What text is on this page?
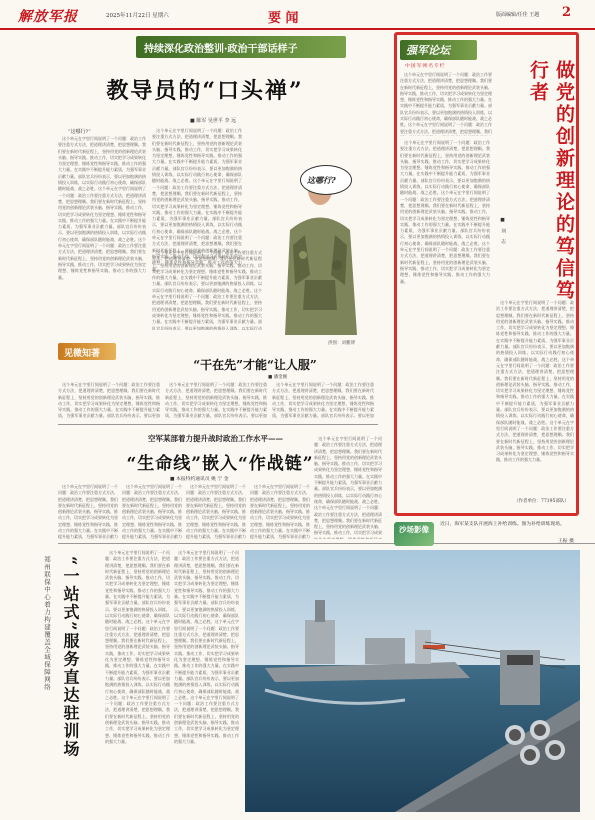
解放军报	2025年11月22日 星期六	要 闻	版面编辑/任佳 王越 2
持续深化政治整训·政治干部话样子
教导员的“口头禅”
■ 陈军 吴世平 李 远
“这哪行?”
　这个单元在字里行间说明了一个问题：政治工作要注重方式方法，把道理讲清楚，把思想理顺。我们要在新时代新征程上，坚持用党的创新理论武装头脑、指导实践、推动工作，切实把学习成果转化为坚定理想、锤炼党性和指导实践、推动工作的强大力量。在实践中不断提升能力素质，为强军事业贡献力量。部队官兵纷纷表示，要以更加饱满的热情投入训练，以实际行动践行初心使命，确保部队随时能战、战之必胜。这个单元在字里行间说明了一个问题：政治工作要注重方式方法，把道理讲清楚，把思想理顺。我们要在新时代新征程上，坚持用党的创新理论武装头脑、指导实践、推动工作，切实把学习成果转化为坚定理想、锤炼党性和指导实践、推动工作的强大力量。在实践中不断提升能力素质，为强军事业贡献力量。部队官兵纷纷表示，要以更加饱满的热情投入训练，以实际行动践行初心使命，确保部队随时能战、战之必胜。这个单元在字里行间说明了一个问题：政治工作要注重方式方法，把道理讲清楚，把思想理顺。我们要在新时代新征程上，坚持用党的创新理论武装头脑、指导实践、推动工作，切实把学习成果转化为坚定理想、锤炼党性和指导实践、推动工作的强大力量。
　这个单元在字里行间说明了一个问题：政治工作要注重方式方法，把道理讲清楚，把思想理顺。我们要在新时代新征程上，坚持用党的创新理论武装头脑、指导实践、推动工作，切实把学习成果转化为坚定理想、锤炼党性和指导实践、推动工作的强大力量。在实践中不断提升能力素质，为强军事业贡献力量。部队官兵纷纷表示，要以更加饱满的热情投入训练，以实际行动践行初心使命，确保部队随时能战、战之必胜。这个单元在字里行间说明了一个问题：政治工作要注重方式方法，把道理讲清楚，把思想理顺。我们要在新时代新征程上，坚持用党的创新理论武装头脑、指导实践、推动工作，切实把学习成果转化为坚定理想、锤炼党性和指导实践、推动工作的强大力量。在实践中不断提升能力素质，为强军事业贡献力量。部队官兵纷纷表示，要以更加饱满的热情投入训练，以实际行动践行初心使命，确保部队随时能战、战之必胜。这个单元在字里行间说明了一个问题：政治工作要注重方式方法，把道理讲清楚，把思想理顺。我们要在新时代新征程上，坚持用党的创新理论武装头脑、指导实践、推动工作，切实把学习成果转化为坚定理想、锤炼党性和指导实践、推动工作的强大力量。
这哪行?
供图：刘鹏博
　这个单元在字里行间说明了一个问题：政治工作要注重方式方法，把道理讲清楚，把思想理顺。我们要在新时代新征程上，坚持用党的创新理论武装头脑、指导实践、推动工作，切实把学习成果转化为坚定理想、锤炼党性和指导实践、推动工作的强大力量。在实践中不断提升能力素质，为强军事业贡献力量。部队官兵纷纷表示，要以更加饱满的热情投入训练，以实际行动践行初心使命，确保部队随时能战、战之必胜。这个单元在字里行间说明了一个问题：政治工作要注重方式方法，把道理讲清楚，把思想理顺。我们要在新时代新征程上，坚持用党的创新理论武装头脑、指导实践、推动工作，切实把学习成果转化为坚定理想、锤炼党性和指导实践、推动工作的强大力量。在实践中不断提升能力素质，为强军事业贡献力量。部队官兵纷纷表示，要以更加饱满的热情投入训练，以实际行动践行初心使命，确保部队随时能战、战之必胜。这个单元在字里行间说明了一个问题：政治工作要注重方式方法，把道理讲清楚，把思想理顺。我们要在新时代新征程上，坚持用党的创新理论武装头脑、指导实践、推动工作，切实把学习成果转化为坚定理想、锤炼党性和指导实践、推动工作的强大力量。
见微知著
“干在先”才能“让人服”
■ 潘金刚
　这个单元在字里行间说明了一个问题：政治工作要注重方式方法，把道理讲清楚，把思想理顺。我们要在新时代新征程上，坚持用党的创新理论武装头脑、指导实践、推动工作，切实把学习成果转化为坚定理想、锤炼党性和指导实践、推动工作的强大力量。在实践中不断提升能力素质，为强军事业贡献力量。部队官兵纷纷表示，要以更加饱满的热情投入训练，以实际行动践行初心使命，确保部队随时能战、战之必胜。这个单元在字里行间说明了一个问题：政治工作要注重方式方法，把道理讲清楚，把思想理顺。我们要在新时代新征程上，坚持用党的创新理论武装头脑、指导实践、推动工作，切实把学习成果转化为坚定理想、锤炼党性和指导实践、推动工作的强大力量。在实践中不断提升能力素质，为强军事业贡献力量。部队官兵纷纷表示，要以更加饱满的热情投入训练，以实际行动践行初心使命，确保部队随时能战、战之必胜。这个单元在字里行间说明了一个问题：政治工作要注重方式方法，把道理讲清楚，把思想理顺。我们要在新时代新征程上，坚持用党的创新理论武装头脑、指导实践、推动工作，切实把学习成果转化为坚定理想、锤炼党性和指导实践、推动工作的强大力量。
　这个单元在字里行间说明了一个问题：政治工作要注重方式方法，把道理讲清楚，把思想理顺。我们要在新时代新征程上，坚持用党的创新理论武装头脑、指导实践、推动工作，切实把学习成果转化为坚定理想、锤炼党性和指导实践、推动工作的强大力量。在实践中不断提升能力素质，为强军事业贡献力量。部队官兵纷纷表示，要以更加饱满的热情投入训练，以实际行动践行初心使命，确保部队随时能战、战之必胜。这个单元在字里行间说明了一个问题：政治工作要注重方式方法，把道理讲清楚，把思想理顺。我们要在新时代新征程上，坚持用党的创新理论武装头脑、指导实践、推动工作，切实把学习成果转化为坚定理想、锤炼党性和指导实践、推动工作的强大力量。在实践中不断提升能力素质，为强军事业贡献力量。部队官兵纷纷表示，要以更加饱满的热情投入训练，以实际行动践行初心使命，确保部队随时能战、战之必胜。这个单元在字里行间说明了一个问题：政治工作要注重方式方法，把道理讲清楚，把思想理顺。我们要在新时代新征程上，坚持用党的创新理论武装头脑、指导实践、推动工作，切实把学习成果转化为坚定理想、锤炼党性和指导实践、推动工作的强大力量。
　这个单元在字里行间说明了一个问题：政治工作要注重方式方法，把道理讲清楚，把思想理顺。我们要在新时代新征程上，坚持用党的创新理论武装头脑、指导实践、推动工作，切实把学习成果转化为坚定理想、锤炼党性和指导实践、推动工作的强大力量。在实践中不断提升能力素质，为强军事业贡献力量。部队官兵纷纷表示，要以更加饱满的热情投入训练，以实际行动践行初心使命，确保部队随时能战、战之必胜。这个单元在字里行间说明了一个问题：政治工作要注重方式方法，把道理讲清楚，把思想理顺。我们要在新时代新征程上，坚持用党的创新理论武装头脑、指导实践、推动工作，切实把学习成果转化为坚定理想、锤炼党性和指导实践、推动工作的强大力量。在实践中不断提升能力素质，为强军事业贡献力量。部队官兵纷纷表示，要以更加饱满的热情投入训练，以实际行动践行初心使命，确保部队随时能战、战之必胜。这个单元在字里行间说明了一个问题：政治工作要注重方式方法，把道理讲清楚，把思想理顺。我们要在新时代新征程上，坚持用党的创新理论武装头脑、指导实践、推动工作，切实把学习成果转化为坚定理想、锤炼党性和指导实践、推动工作的强大力量。
空军某部着力提升战时政治工作水平——
“生命线”嵌入“作战链”
■ 本报特约通讯员 姚 宁 金
　这个单元在字里行间说明了一个问题：政治工作要注重方式方法，把道理讲清楚，把思想理顺。我们要在新时代新征程上，坚持用党的创新理论武装头脑、指导实践、推动工作，切实把学习成果转化为坚定理想、锤炼党性和指导实践、推动工作的强大力量。在实践中不断提升能力素质，为强军事业贡献力量。部队官兵纷纷表示，要以更加饱满的热情投入训练，以实际行动践行初心使命，确保部队随时能战、战之必胜。这个单元在字里行间说明了一个问题：政治工作要注重方式方法，把道理讲清楚，把思想理顺。我们要在新时代新征程上，坚持用党的创新理论武装头脑、指导实践、推动工作，切实把学习成果转化为坚定理想、锤炼党性和指导实践、推动工作的强大力量。在实践中不断提升能力素质，为强军事业贡献力量。部队官兵纷纷表示，要以更加饱满的热情投入训练，以实际行动践行初心使命，确保部队随时能战、战之必胜。这个单元在字里行间说明了一个问题：政治工作要注重方式方法，把道理讲清楚，把思想理顺。我们要在新时代新征程上，坚持用党的创新理论武装头脑、指导实践、推动工作，切实把学习成果转化为坚定理想、锤炼党性和指导实践、推动工作的强大力量。
　这个单元在字里行间说明了一个问题：政治工作要注重方式方法，把道理讲清楚，把思想理顺。我们要在新时代新征程上，坚持用党的创新理论武装头脑、指导实践、推动工作，切实把学习成果转化为坚定理想、锤炼党性和指导实践、推动工作的强大力量。在实践中不断提升能力素质，为强军事业贡献力量。部队官兵纷纷表示，要以更加饱满的热情投入训练，以实际行动践行初心使命，确保部队随时能战、战之必胜。这个单元在字里行间说明了一个问题：政治工作要注重方式方法，把道理讲清楚，把思想理顺。我们要在新时代新征程上，坚持用党的创新理论武装头脑、指导实践、推动工作，切实把学习成果转化为坚定理想、锤炼党性和指导实践、推动工作的强大力量。在实践中不断提升能力素质，为强军事业贡献力量。部队官兵纷纷表示，要以更加饱满的热情投入训练，以实际行动践行初心使命，确保部队随时能战、战之必胜。这个单元在字里行间说明了一个问题：政治工作要注重方式方法，把道理讲清楚，把思想理顺。我们要在新时代新征程上，坚持用党的创新理论武装头脑、指导实践、推动工作，切实把学习成果转化为坚定理想、锤炼党性和指导实践、推动工作的强大力量。
　这个单元在字里行间说明了一个问题：政治工作要注重方式方法，把道理讲清楚，把思想理顺。我们要在新时代新征程上，坚持用党的创新理论武装头脑、指导实践、推动工作，切实把学习成果转化为坚定理想、锤炼党性和指导实践、推动工作的强大力量。在实践中不断提升能力素质，为强军事业贡献力量。部队官兵纷纷表示，要以更加饱满的热情投入训练，以实际行动践行初心使命，确保部队随时能战、战之必胜。这个单元在字里行间说明了一个问题：政治工作要注重方式方法，把道理讲清楚，把思想理顺。我们要在新时代新征程上，坚持用党的创新理论武装头脑、指导实践、推动工作，切实把学习成果转化为坚定理想、锤炼党性和指导实践、推动工作的强大力量。在实践中不断提升能力素质，为强军事业贡献力量。部队官兵纷纷表示，要以更加饱满的热情投入训练，以实际行动践行初心使命，确保部队随时能战、战之必胜。这个单元在字里行间说明了一个问题：政治工作要注重方式方法，把道理讲清楚，把思想理顺。我们要在新时代新征程上，坚持用党的创新理论武装头脑、指导实践、推动工作，切实把学习成果转化为坚定理想、锤炼党性和指导实践、推动工作的强大力量。
　这个单元在字里行间说明了一个问题：政治工作要注重方式方法，把道理讲清楚，把思想理顺。我们要在新时代新征程上，坚持用党的创新理论武装头脑、指导实践、推动工作，切实把学习成果转化为坚定理想、锤炼党性和指导实践、推动工作的强大力量。在实践中不断提升能力素质，为强军事业贡献力量。部队官兵纷纷表示，要以更加饱满的热情投入训练，以实际行动践行初心使命，确保部队随时能战、战之必胜。这个单元在字里行间说明了一个问题：政治工作要注重方式方法，把道理讲清楚，把思想理顺。我们要在新时代新征程上，坚持用党的创新理论武装头脑、指导实践、推动工作，切实把学习成果转化为坚定理想、锤炼党性和指导实践、推动工作的强大力量。在实践中不断提升能力素质，为强军事业贡献力量。部队官兵纷纷表示，要以更加饱满的热情投入训练，以实际行动践行初心使命，确保部队随时能战、战之必胜。这个单元在字里行间说明了一个问题：政治工作要注重方式方法，把道理讲清楚，把思想理顺。我们要在新时代新征程上，坚持用党的创新理论武装头脑、指导实践、推动工作，切实把学习成果转化为坚定理想、锤炼党性和指导实践、推动工作的强大力量。
　这个单元在字里行间说明了一个问题：政治工作要注重方式方法，把道理讲清楚，把思想理顺。我们要在新时代新征程上，坚持用党的创新理论武装头脑、指导实践、推动工作，切实把学习成果转化为坚定理想、锤炼党性和指导实践、推动工作的强大力量。在实践中不断提升能力素质，为强军事业贡献力量。部队官兵纷纷表示，要以更加饱满的热情投入训练，以实际行动践行初心使命，确保部队随时能战、战之必胜。这个单元在字里行间说明了一个问题：政治工作要注重方式方法，把道理讲清楚，把思想理顺。我们要在新时代新征程上，坚持用党的创新理论武装头脑、指导实践、推动工作，切实把学习成果转化为坚定理想、锤炼党性和指导实践、推动工作的强大力量。在实践中不断提升能力素质，为强军事业贡献力量。部队官兵纷纷表示，要以更加饱满的热情投入训练，以实际行动践行初心使命，确保部队随时能战、战之必胜。这个单元在字里行间说明了一个问题：政治工作要注重方式方法，把道理讲清楚，把思想理顺。我们要在新时代新征程上，坚持用党的创新理论武装头脑、指导实践、推动工作，切实把学习成果转化为坚定理想、锤炼党性和指导实践、推动工作的强大力量。
强军论坛
中国军网名专栏
　这个单元在字里行间说明了一个问题：政治工作要注重方式方法，把道理讲清楚，把思想理顺。我们要在新时代新征程上，坚持用党的创新理论武装头脑、指导实践、推动工作，切实把学习成果转化为坚定理想、锤炼党性和指导实践、推动工作的强大力量。在实践中不断提升能力素质，为强军事业贡献力量。部队官兵纷纷表示，要以更加饱满的热情投入训练，以实际行动践行初心使命，确保部队随时能战、战之必胜。这个单元在字里行间说明了一个问题：政治工作要注重方式方法，把道理讲清楚，把思想理顺。我们要在新时代新征程上，坚持用党的创新理论武装头脑、指导实践、推动工作，切实把学习成果转化为坚定理想、锤炼党性和指导实践、推动工作的强大力量。在实践中不断提升能力素质，为强军事业贡献力量。部队官兵纷纷表示，要以更加饱满的热情投入训练，以实际行动践行初心使命，确保部队随时能战、战之必胜。这个单元在字里行间说明了一个问题：政治工作要注重方式方法，把道理讲清楚，把思想理顺。我们要在新时代新征程上，坚持用党的创新理论武装头脑、指导实践、推动工作，切实把学习成果转化为坚定理想、锤炼党性和指导实践、推动工作的强大力量。	做党的创新理论的笃信笃行者
■ 刘 志
　这个单元在字里行间说明了一个问题：政治工作要注重方式方法，把道理讲清楚，把思想理顺。我们要在新时代新征程上，坚持用党的创新理论武装头脑、指导实践、推动工作，切实把学习成果转化为坚定理想、锤炼党性和指导实践、推动工作的强大力量。在实践中不断提升能力素质，为强军事业贡献力量。部队官兵纷纷表示，要以更加饱满的热情投入训练，以实际行动践行初心使命，确保部队随时能战、战之必胜。这个单元在字里行间说明了一个问题：政治工作要注重方式方法，把道理讲清楚，把思想理顺。我们要在新时代新征程上，坚持用党的创新理论武装头脑、指导实践、推动工作，切实把学习成果转化为坚定理想、锤炼党性和指导实践、推动工作的强大力量。在实践中不断提升能力素质，为强军事业贡献力量。部队官兵纷纷表示，要以更加饱满的热情投入训练，以实际行动践行初心使命，确保部队随时能战、战之必胜。这个单元在字里行间说明了一个问题：政治工作要注重方式方法，把道理讲清楚，把思想理顺。我们要在新时代新征程上，坚持用党的创新理论武装头脑、指导实践、推动工作，切实把学习成果转化为坚定理想、锤炼党性和指导实践、推动工作的强大力量。
　这个单元在字里行间说明了一个问题：政治工作要注重方式方法，把道理讲清楚，把思想理顺。我们要在新时代新征程上，坚持用党的创新理论武装头脑、指导实践、推动工作，切实把学习成果转化为坚定理想、锤炼党性和指导实践、推动工作的强大力量。在实践中不断提升能力素质，为强军事业贡献力量。部队官兵纷纷表示，要以更加饱满的热情投入训练，以实际行动践行初心使命，确保部队随时能战、战之必胜。这个单元在字里行间说明了一个问题：政治工作要注重方式方法，把道理讲清楚，把思想理顺。我们要在新时代新征程上，坚持用党的创新理论武装头脑、指导实践、推动工作，切实把学习成果转化为坚定理想、锤炼党性和指导实践、推动工作的强大力量。在实践中不断提升能力素质，为强军事业贡献力量。部队官兵纷纷表示，要以更加饱满的热情投入训练，以实际行动践行初心使命，确保部队随时能战、战之必胜。这个单元在字里行间说明了一个问题：政治工作要注重方式方法，把道理讲清楚，把思想理顺。我们要在新时代新征程上，坚持用党的创新理论武装头脑、指导实践、推动工作，切实把学习成果转化为坚定理想、锤炼党性和指导实践、推动工作的强大力量。
（作者单位：77195部队）
沙场影像
近日，海军某支队开展海上补给训练。图为补给训练现场。
王振 摄
郑州联保中心着力构建覆盖全域保障网络 “一站式”服务直达驻训场
　这个单元在字里行间说明了一个问题：政治工作要注重方式方法，把道理讲清楚，把思想理顺。我们要在新时代新征程上，坚持用党的创新理论武装头脑、指导实践、推动工作，切实把学习成果转化为坚定理想、锤炼党性和指导实践、推动工作的强大力量。在实践中不断提升能力素质，为强军事业贡献力量。部队官兵纷纷表示，要以更加饱满的热情投入训练，以实际行动践行初心使命，确保部队随时能战、战之必胜。这个单元在字里行间说明了一个问题：政治工作要注重方式方法，把道理讲清楚，把思想理顺。我们要在新时代新征程上，坚持用党的创新理论武装头脑、指导实践、推动工作，切实把学习成果转化为坚定理想、锤炼党性和指导实践、推动工作的强大力量。在实践中不断提升能力素质，为强军事业贡献力量。部队官兵纷纷表示，要以更加饱满的热情投入训练，以实际行动践行初心使命，确保部队随时能战、战之必胜。这个单元在字里行间说明了一个问题：政治工作要注重方式方法，把道理讲清楚，把思想理顺。我们要在新时代新征程上，坚持用党的创新理论武装头脑、指导实践、推动工作，切实把学习成果转化为坚定理想、锤炼党性和指导实践、推动工作的强大力量。
　这个单元在字里行间说明了一个问题：政治工作要注重方式方法，把道理讲清楚，把思想理顺。我们要在新时代新征程上，坚持用党的创新理论武装头脑、指导实践、推动工作，切实把学习成果转化为坚定理想、锤炼党性和指导实践、推动工作的强大力量。在实践中不断提升能力素质，为强军事业贡献力量。部队官兵纷纷表示，要以更加饱满的热情投入训练，以实际行动践行初心使命，确保部队随时能战、战之必胜。这个单元在字里行间说明了一个问题：政治工作要注重方式方法，把道理讲清楚，把思想理顺。我们要在新时代新征程上，坚持用党的创新理论武装头脑、指导实践、推动工作，切实把学习成果转化为坚定理想、锤炼党性和指导实践、推动工作的强大力量。在实践中不断提升能力素质，为强军事业贡献力量。部队官兵纷纷表示，要以更加饱满的热情投入训练，以实际行动践行初心使命，确保部队随时能战、战之必胜。这个单元在字里行间说明了一个问题：政治工作要注重方式方法，把道理讲清楚，把思想理顺。我们要在新时代新征程上，坚持用党的创新理论武装头脑、指导实践、推动工作，切实把学习成果转化为坚定理想、锤炼党性和指导实践、推动工作的强大力量。
